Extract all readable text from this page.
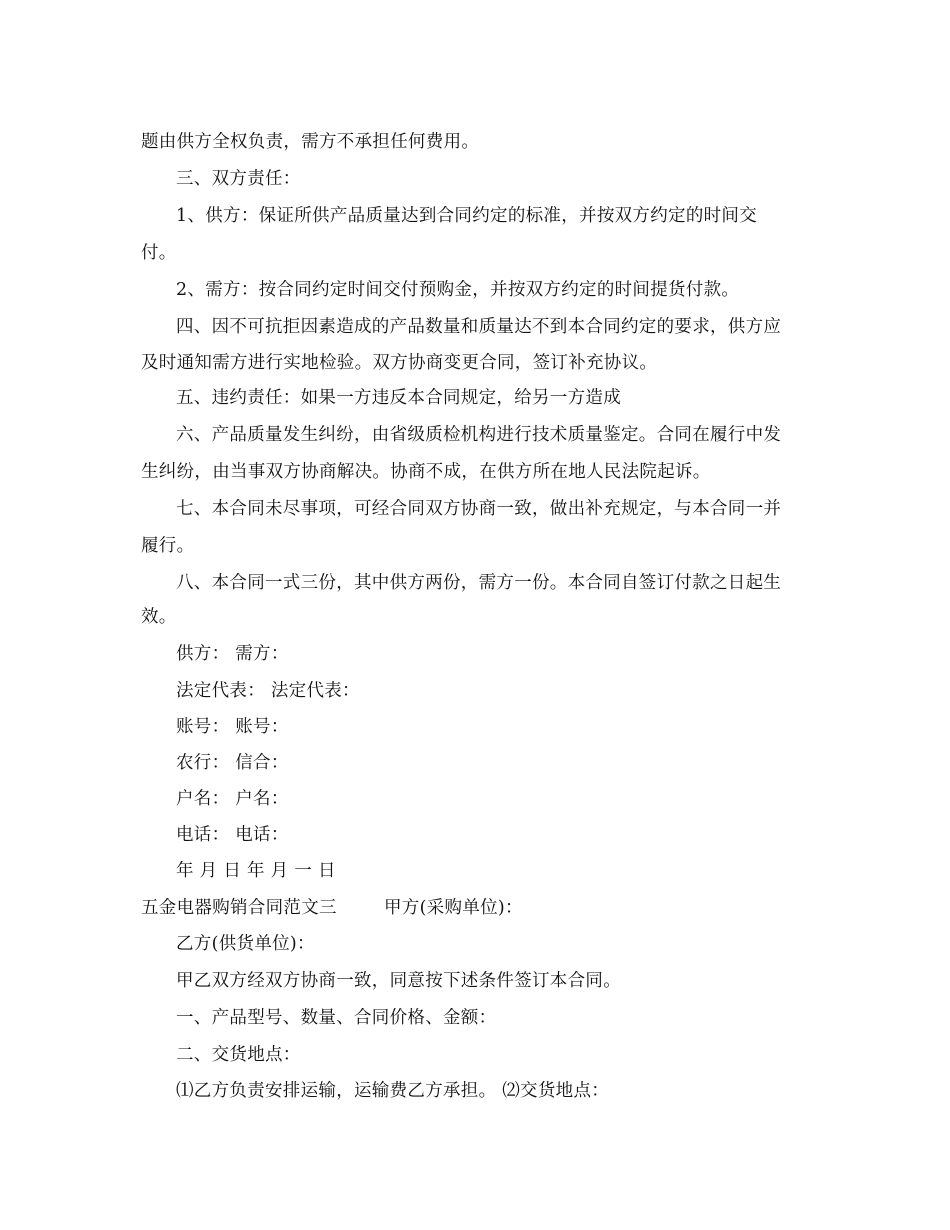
题由供方全权负责，需方不承担任何费用。
三、双方责任：
1、供方：保证所供产品质量达到合同约定的标准，并按双方约定的时间交
付。
2、需方：按合同约定时间交付预购金，并按双方约定的时间提货付款。
四、因不可抗拒因素造成的产品数量和质量达不到本合同约定的要求，供方应
及时通知需方进行实地检验。双方协商变更合同，签订补充协议。
五、违约责任：如果一方违反本合同规定，给另一方造成
六、产品质量发生纠纷，由省级质检机构进行技术质量鉴定。合同在履行中发
生纠纷，由当事双方协商解决。协商不成，在供方所在地人民法院起诉。
七、本合同未尽事项，可经合同双方协商一致，做出补充规定，与本合同一并
履行。
八、本合同一式三份，其中供方两份，需方一份。本合同自签订付款之日起生
效。
供方： 需方：
法定代表： 法定代表：
账号： 账号：
农行： 信合：
户名： 户名：
电话： 电话：
年 月 日 年 月 一 日
五金电器购销合同范文三	甲方(采购单位)：
乙方(供货单位)：
甲乙双方经双方协商一致，同意按下述条件签订本合同。
一、产品型号、数量、合同价格、金额：
二、交货地点：
⑴乙方负责安排运输，运输费乙方承担。 ⑵交货地点：
